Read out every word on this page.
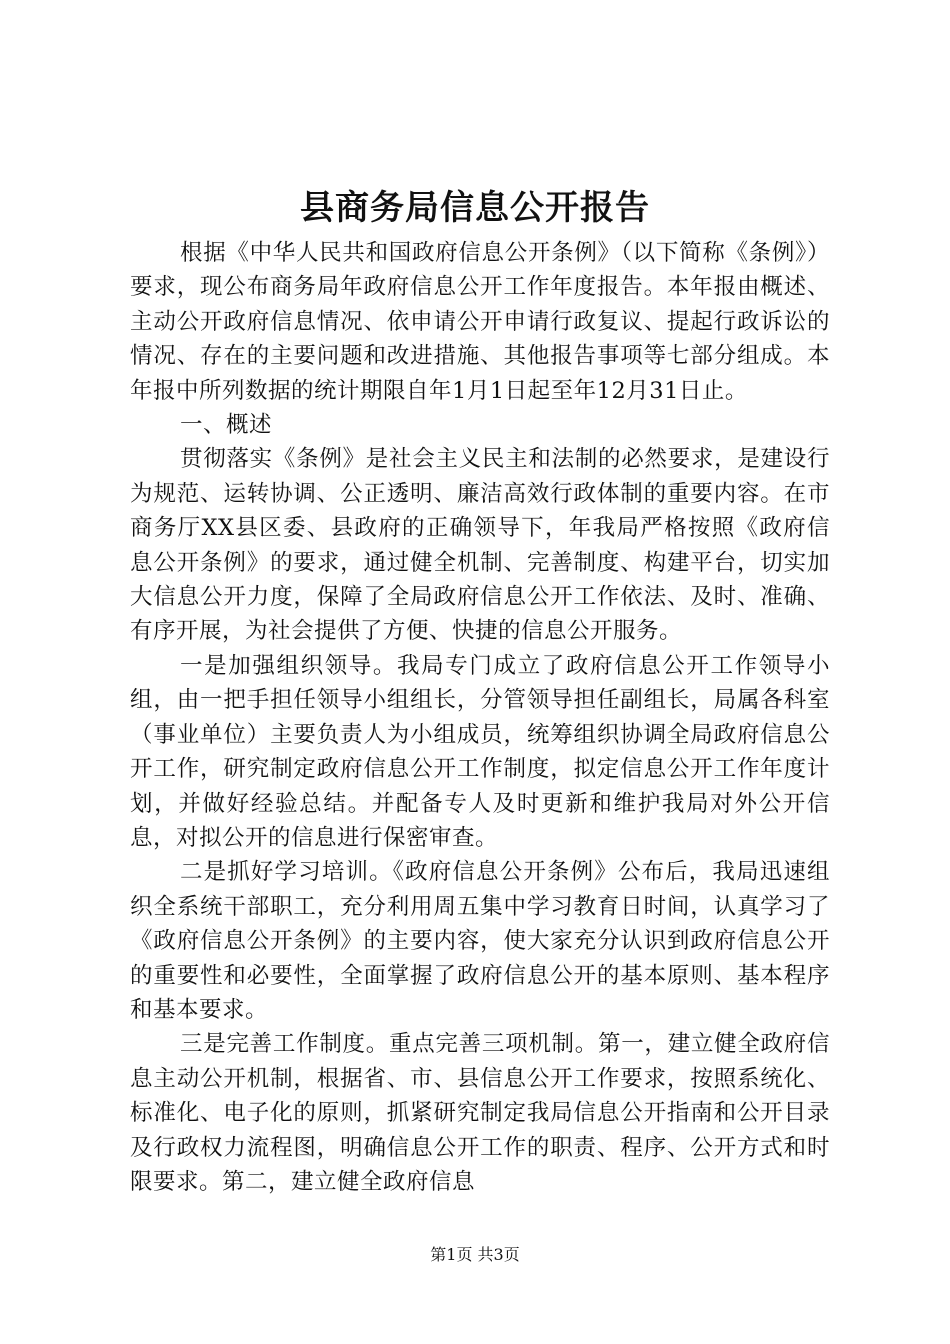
县商务局信息公开报告

根据《中华人民共和国政府信息公开条例》（以下简称《条例》）要求，现公布商务局年政府信息公开工作年度报告。本年报由概述、主动公开政府信息情况、依申请公开申请行政复议、提起行政诉讼的情况、存在的主要问题和改进措施、其他报告事项等七部分组成。本年报中所列数据的统计期限自年1月1日起至年12月31日止。

一、概述

贯彻落实《条例》是社会主义民主和法制的必然要求，是建设行为规范、运转协调、公正透明、廉洁高效行政体制的重要内容。在市商务厅XX县区委、县政府的正确领导下，年我局严格按照《政府信息公开条例》的要求，通过健全机制、完善制度、构建平台，切实加大信息公开力度，保障了全局政府信息公开工作依法、及时、准确、有序开展，为社会提供了方便、快捷的信息公开服务。

一是加强组织领导。我局专门成立了政府信息公开工作领导小组，由一把手担任领导小组组长，分管领导担任副组长，局属各科室（事业单位）主要负责人为小组成员，统筹组织协调全局政府信息公开工作，研究制定政府信息公开工作制度，拟定信息公开工作年度计划，并做好经验总结。并配备专人及时更新和维护我局对外公开信息，对拟公开的信息进行保密审查。

二是抓好学习培训。《政府信息公开条例》公布后，我局迅速组织全系统干部职工，充分利用周五集中学习教育日时间，认真学习了《政府信息公开条例》的主要内容，使大家充分认识到政府信息公开的重要性和必要性，全面掌握了政府信息公开的基本原则、基本程序和基本要求。

三是完善工作制度。重点完善三项机制。第一，建立健全政府信息主动公开机制，根据省、市、县信息公开工作要求，按照系统化、标准化、电子化的原则，抓紧研究制定我局信息公开指南和公开目录及行政权力流程图，明确信息公开工作的职责、程序、公开方式和时限要求。第二，建立健全政府信息

第1页 共3页
